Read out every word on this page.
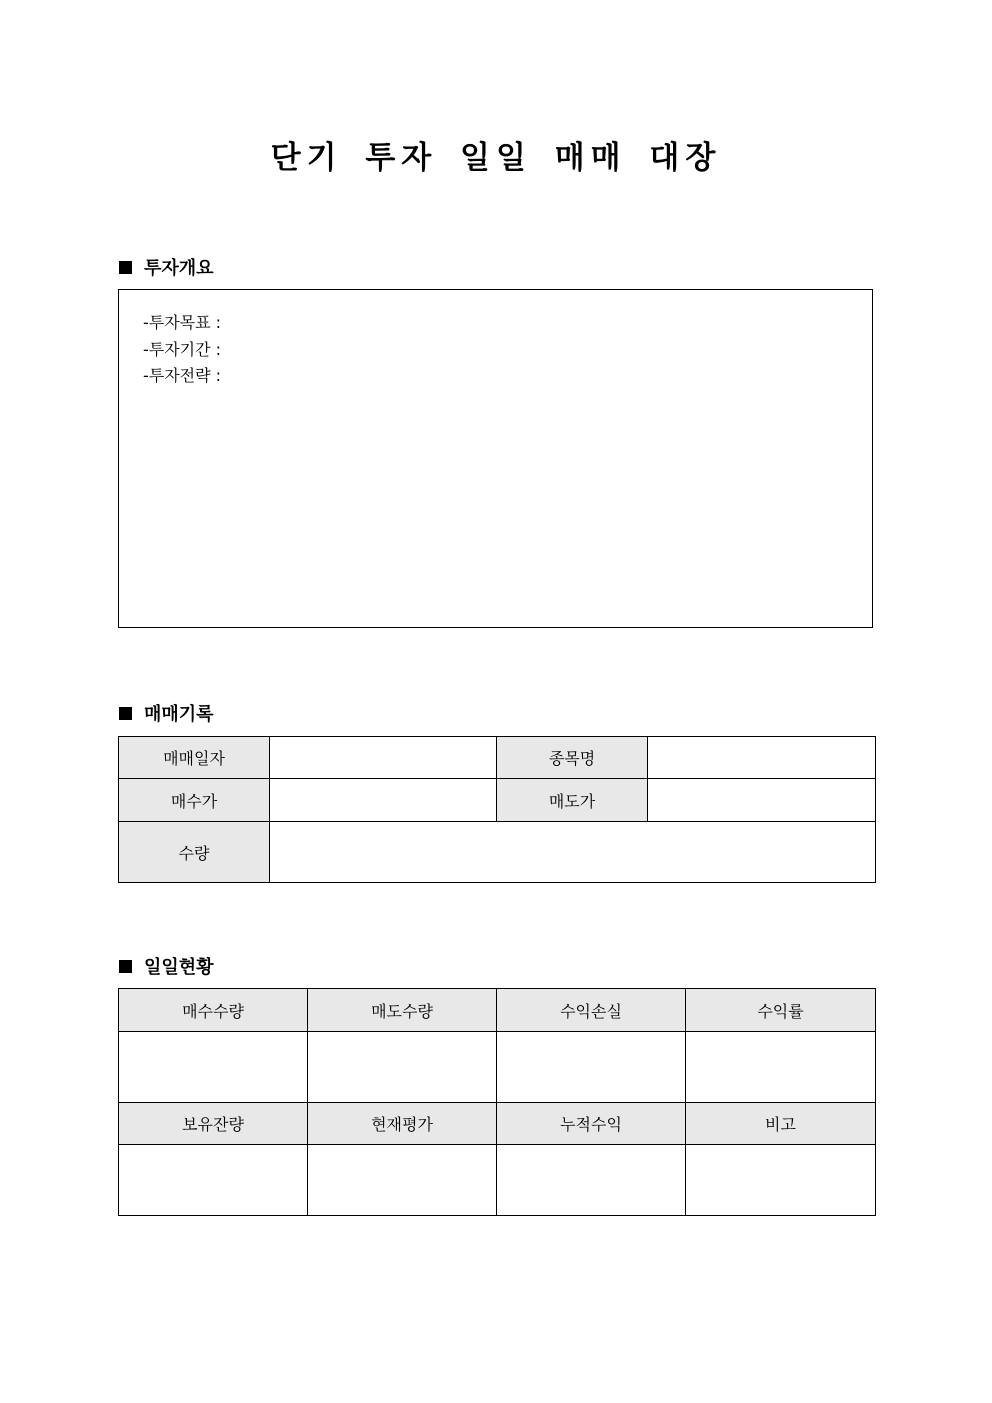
단기 투자 일일 매매 대장
투자개요
-투자목표 :
-투자기간 :
-투자전략 :
매매기록
매매일자		종목명	
매수가		매도가	
수량			
일일현황
매수수량	매도수량	수익손실	수익률

보유잔량	현재평가	누적수익	비고
